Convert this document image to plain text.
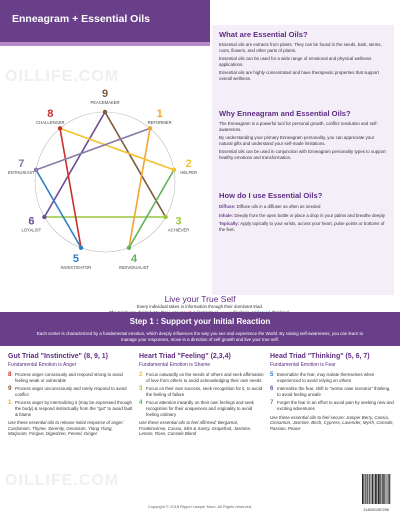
Enneagram + Essential Oils
9
PEACEMAKER
1
REFORMER
2
HELPER
3
ACHIEVER
4
INDIVIDUALIST
5
INVESTIGATOR
6
LOYALIST
7
ENTHUSIAST
8
CHALLENGER
What are Essential Oils?
Essential oils are extracts from plants. They can be found in the seeds, bark, stems, roots, flowers, and other parts of plants.
Essential oils can be used for a wide range of emotional and physical wellness applications.
Essential oils are highly concentrated and have therapeutic properties that support overall wellness.
Why Enneagram and Essential Oils?
The Enneagram is a powerful tool for personal growth, conflict resolution and self-awareness.
By understanding your primary Enneagram personality, you can appreciate your natural gifts and understand your self-made limitations.
Essential oils can be used in conjunction with Enneagram personality types to support healthy emotions and transformation.
How do I use Essential Oils?
Diffuse: Diffuse oils in a diffuser as often as needed
Inhale: Deeply from the open bottle or place a drop in your palms and breathe deeply
Topically: Apply topically to your wrists, across your heart, pulse points or bottoms of the feet.
Live your True Self
Every individual takes in information through their dominant triad.
Step 1 : Support your Initial Reaction
Each center is characterized by a fundamental emotion, which deeply influences the way you see and experience the World. By raising self-awareness, you can learn to manage your responses, move in a direction of self growth and live your true self.
Gut Triad "Instinctive" (8, 9, 1)
Fundamental Emotion is Anger
8 Process anger consciously and respond strong to avoid feeling weak or vulnerable
9 Process anger unconsciously and rarely respond to avoid conflict
1 Process anger by internalizing it (may be expressed through the body) & respond instinctually from the "gut" to avoid fault & blame
Use these essential oils to release initial response of anger: Cardamom, Thyme, Serenity, Geranium, Ylang Ylang, Marjoram, Forgive, Digestzen, Fennel, Ginger
Heart Triad "Feeling" (2,3,4)
Fundamental Emotion is Shame
2 Focus outwardly on the needs of others and seek affirmation of love from others to avoid acknowledging their own needs
3 Focus on their own success, seek recognition for it, to avoid the feeling of failure
4 Focus attention inwardly on their own feelings and seek recognition for their uniqueness and originality to avoid feeling ordinary
Use these essential oils to feel affirmed: Bergamot, Frankincense, Cassia, Slim & Sassy, Grapefruit, Jasmine, Lemon, Rose, Console Blend
Head Triad "Thinking" (5, 6, 7)
Fundamental Emotion is Fear
5 Externalize the fear, may isolate themselves when experienced to avoid relying on others
6 Internalize the fear, shift to "worse case scenario" thinking, to avoid feeling unsafe
7 Forget the fear in an effort to avoid pain by seeking new and exciting adventures
Use these essential oils to feel secure: Juniper Berry, Cassia, Cinnamon, Jasmine, Birch, Cypress, Lavender, Myrrh, Console, Passion, Peace
OILLIFE.COM
OILLIFE.COM
Copyright © 2018 Rippel Lawyer Mom. All Rights reserved.
2140091057258
